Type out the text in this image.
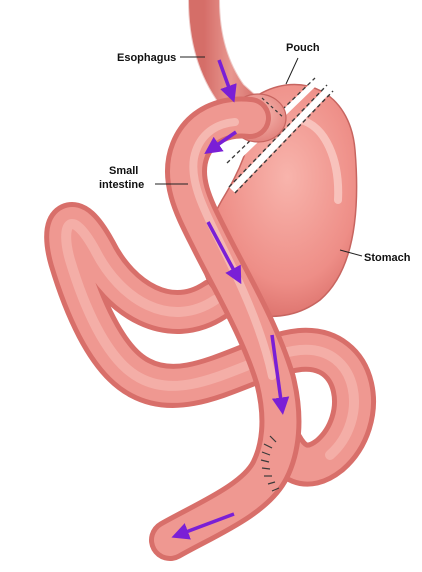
Esophagus
Pouch
Small
intestine
Stomach
